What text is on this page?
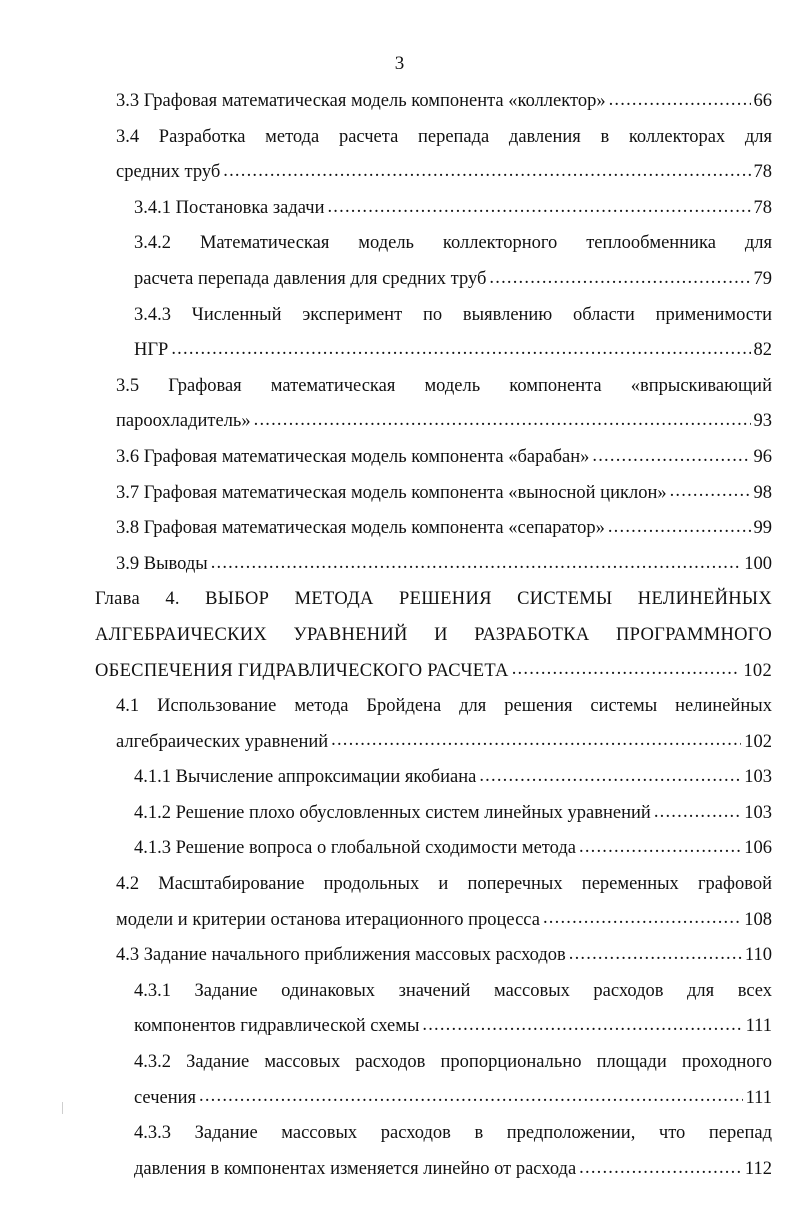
3
3.3 Графовая математическая модель компонента «коллектор» .....	66
3.4 Разработка метода расчета перепада давления в коллекторах для
средних труб .....	78
3.4.1 Постановка задачи .....	78
3.4.2 Математическая модель коллекторного теплообменника для
расчета перепада давления для средних труб .....	79
3.4.3 Численный эксперимент по выявлению области применимости
НГР .....	82
3.5 Графовая математическая модель компонента «впрыскивающий
пароохладитель» .....	93
3.6 Графовая математическая модель компонента «барабан» .....	96
3.7 Графовая математическая модель компонента «выносной циклон» .....	98
3.8 Графовая математическая модель компонента «сепаратор» .....	99
3.9 Выводы .....	100
Глава 4. ВЫБОР МЕТОДА РЕШЕНИЯ СИСТЕМЫ НЕЛИНЕЙНЫХ
АЛГЕБРАИЧЕСКИХ УРАВНЕНИЙ И РАЗРАБОТКА ПРОГРАММНОГО
ОБЕСПЕЧЕНИЯ ГИДРАВЛИЧЕСКОГО РАСЧЕТА .....	102
4.1 Использование метода Бройдена для решения системы нелинейных
алгебраических уравнений .....	102
4.1.1 Вычисление аппроксимации якобиана .....	103
4.1.2 Решение плохо обусловленных систем линейных уравнений .....	103
4.1.3 Решение вопроса о глобальной сходимости метода .....	106
4.2 Масштабирование продольных и поперечных переменных графовой
модели и критерии останова итерационного процесса .....	108
4.3 Задание начального приближения массовых расходов .....	110
4.3.1 Задание одинаковых значений массовых расходов для всех
компонентов гидравлической схемы .....	111
4.3.2 Задание массовых расходов пропорционально площади проходного
сечения .....	111
4.3.3 Задание массовых расходов в предположении, что перепад
давления в компонентах изменяется линейно от расхода .....	112
